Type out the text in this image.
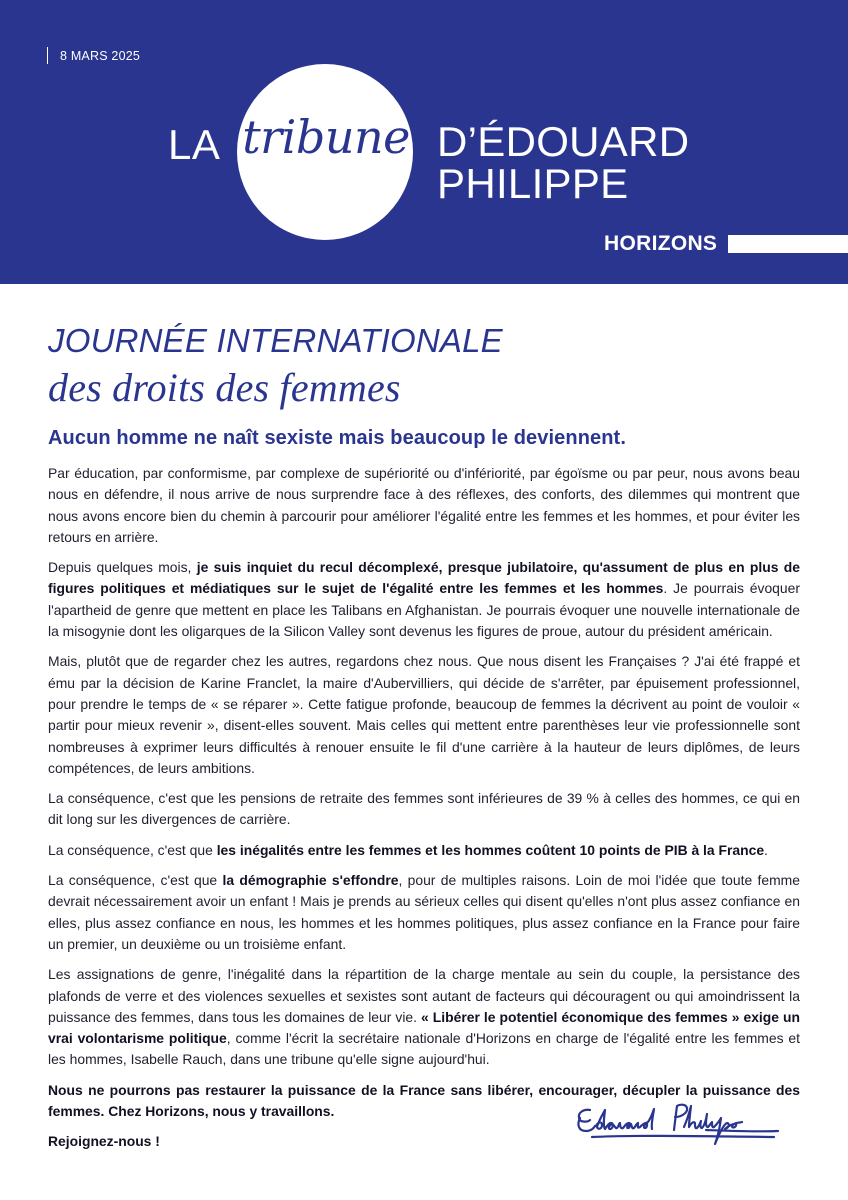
8 MARS 2025
LA tribune D’ÉDOUARD
PHILIPPE
HORIZONS
JOURNÉE INTERNATIONALE
des droits des femmes
Aucun homme ne naît sexiste mais beaucoup le deviennent.

Par éducation, par conformisme, par complexe de supériorité ou d'infériorité, par égoïsme ou par peur, nous avons beau nous en défendre, il nous arrive de nous surprendre face à des réflexes, des conforts, des dilemmes qui montrent que nous avons encore bien du chemin à parcourir pour améliorer l'égalité entre les femmes et les hommes, et pour éviter les retours en arrière.

Depuis quelques mois, je suis inquiet du recul décomplexé, presque jubilatoire, qu'assument de plus en plus de figures politiques et médiatiques sur le sujet de l'égalité entre les femmes et les hommes. Je pourrais évoquer l'apartheid de genre que mettent en place les Talibans en Afghanistan. Je pourrais évoquer une nouvelle internationale de la misogynie dont les oligarques de la Silicon Valley sont devenus les figures de proue, autour du président américain.

Mais, plutôt que de regarder chez les autres, regardons chez nous. Que nous disent les Françaises ? J'ai été frappé et ému par la décision de Karine Franclet, la maire d'Aubervilliers, qui décide de s'arrêter, par épuisement professionnel, pour prendre le temps de « se réparer ». Cette fatigue profonde, beaucoup de femmes la décrivent au point de vouloir « partir pour mieux revenir », disent-elles souvent. Mais celles qui mettent entre parenthèses leur vie professionnelle sont nombreuses à exprimer leurs difficultés à renouer ensuite le fil d'une carrière à la hauteur de leurs diplômes, de leurs compétences, de leurs ambitions.

La conséquence, c'est que les pensions de retraite des femmes sont inférieures de 39 % à celles des hommes, ce qui en dit long sur les divergences de carrière.

La conséquence, c'est que les inégalités entre les femmes et les hommes coûtent 10 points de PIB à la France.

La conséquence, c'est que la démographie s'effondre, pour de multiples raisons. Loin de moi l'idée que toute femme devrait nécessairement avoir un enfant ! Mais je prends au sérieux celles qui disent qu'elles n'ont plus assez confiance en elles, plus assez confiance en nous, les hommes et les hommes politiques, plus assez confiance en la France pour faire un premier, un deuxième ou un troisième enfant.

Les assignations de genre, l'inégalité dans la répartition de la charge mentale au sein du couple, la persistance des plafonds de verre et des violences sexuelles et sexistes sont autant de facteurs qui découragent ou qui amoindrissent la puissance des femmes, dans tous les domaines de leur vie. « Libérer le potentiel économique des femmes » exige un vrai volontarisme politique, comme l'écrit la secrétaire nationale d'Horizons en charge de l'égalité entre les femmes et les hommes, Isabelle Rauch, dans une tribune qu'elle signe aujourd'hui.

Nous ne pourrons pas restaurer la puissance de la France sans libérer, encourager, décupler la puissance des femmes. Chez Horizons, nous y travaillons.

Rejoignez-nous !
